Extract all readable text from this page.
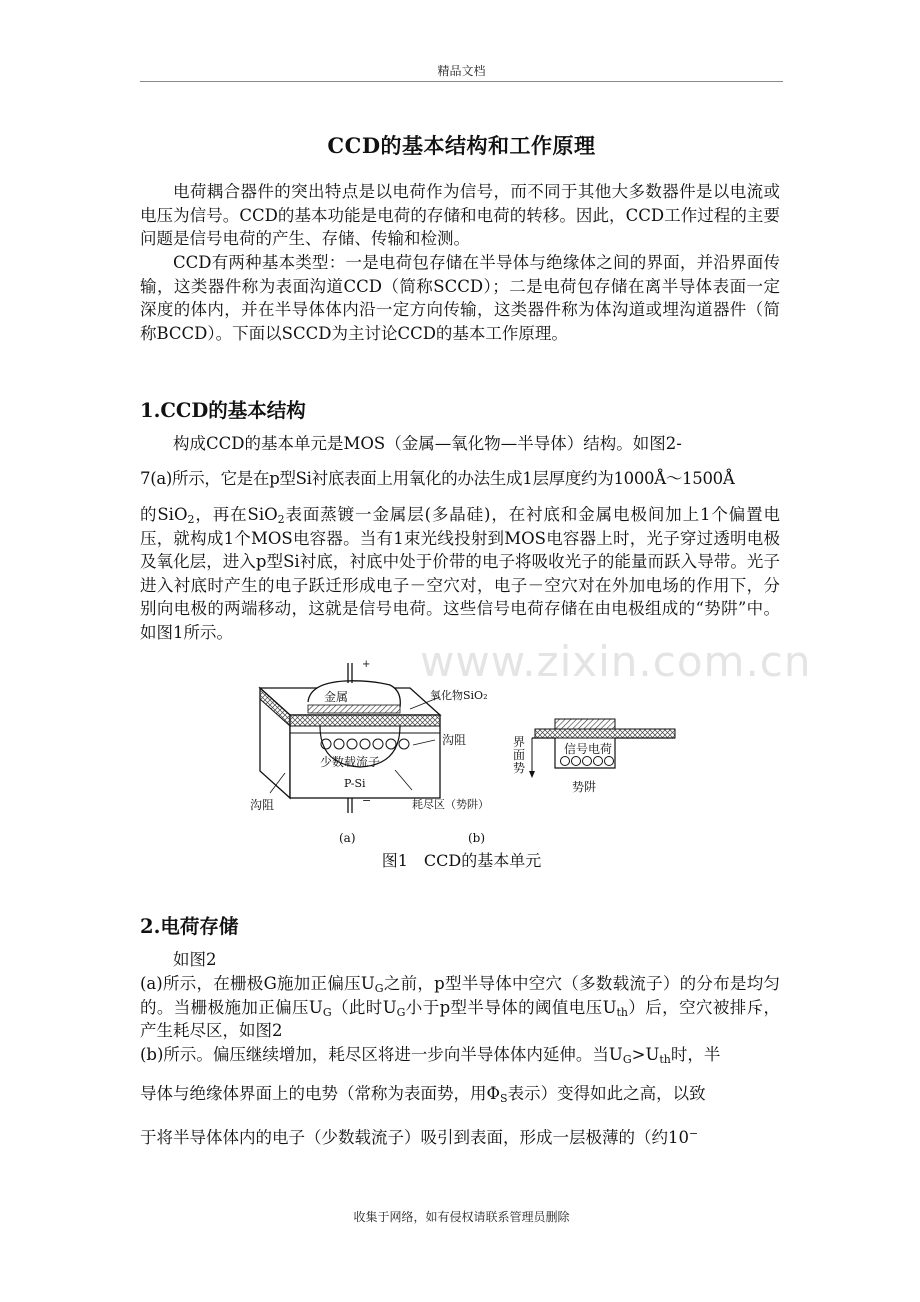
精品文档
CCD的基本结构和工作原理

电荷耦合器件的突出特点是以电荷作为信号，而不同于其他大多数器件是以电流或电压为信号。CCD的基本功能是电荷的存储和电荷的转移。因此，CCD工作过程的主要问题是信号电荷的产生、存储、传输和检测。

CCD有两种基本类型：一是电荷包存储在半导体与绝缘体之间的界面，并沿界面传输，这类器件称为表面沟道CCD（简称SCCD）；二是电荷包存储在离半导体表面一定深度的体内，并在半导体体内沿一定方向传输，这类器件称为体沟道或埋沟道器件（简称BCCD）。下面以SCCD为主讨论CCD的基本工作原理。

1.CCD的基本结构

构成CCD的基本单元是MOS（金属—氧化物—半导体）结构。如图2-

7(a)所示，它是在p型Si衬底表面上用氧化的办法生成1层厚度约为1000Å～1500Å

的SiO$_2$，再在SiO$_2$表面蒸镀一金属层(多晶硅)，在衬底和金属电极间加上1个偏置电压，就构成1个MOS电容器。当有1束光线投射到MOS电容器上时，光子穿过透明电极及氧化层，进入p型Si衬底，衬底中处于价带的电子将吸收光子的能量而跃入导带。光子进入衬底时产生的电子跃迁形成电子－空穴对，电子－空穴对在外加电场的作用下，分别向电极的两端移动，这就是信号电荷。这些信号电荷存储在由电极组成的“势阱”中。如图1所示。

www.zixin.com.cn
+
−
金属	氧化物SiO₂
沟阻
少数载流子
P-Si
沟阻	耗尽区（势阱）
界
面
势
信号电荷
势阱
(a)	(b)
图1　CCD的基本单元
2.电荷存储

如图2

(a)所示，在栅极G施加正偏压$U_G$之前，p型半导体中空穴（多数载流子）的分布是均匀的。当栅极施加正偏压$U_G$（此时$U_G$小于p型半导体的阈值电压$U_{th}$）后，空穴被排斥，产生耗尽区，如图2

(b)所示。偏压继续增加，耗尽区将进一步向半导体体内延伸。当$U_G>U_{th}$时，半

导体与绝缘体界面上的电势（常称为表面势，用$\Phi_S$表示）变得如此之高，以致

于将半导体体内的电子（少数载流子）吸引到表面，形成一层极薄的（约10−

收集于网络，如有侵权请联系管理员删除
